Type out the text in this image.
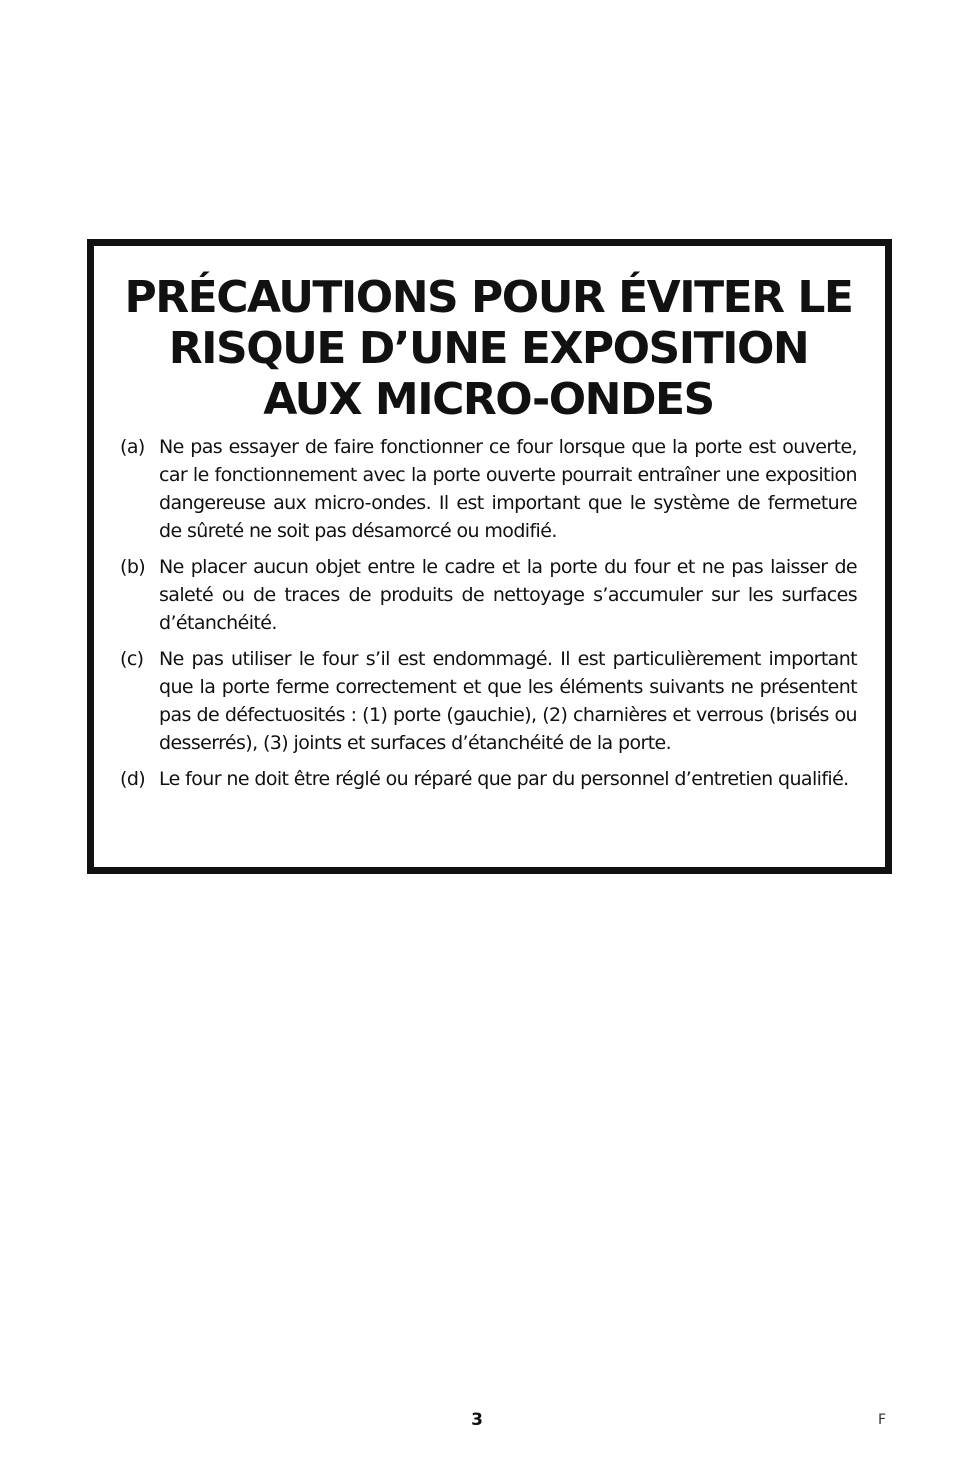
PRÉCAUTIONS POUR ÉVITER LE
RISQUE D’UNE EXPOSITION
AUX MICRO-ONDES
(a) Ne pas essayer de faire fonctionner ce four lorsque que la porte est ouverte, car le fonctionnement avec la porte ouverte pourrait entraîner une exposition dangereuse aux micro-ondes. Il est important que le système de fermeture de sûreté ne soit pas désamorcé ou modifié.

(b) Ne placer aucun objet entre le cadre et la porte du four et ne pas laisser de saleté ou de traces de produits de nettoyage s’accumuler sur les surfaces d’étanchéité.

(c) Ne pas utiliser le four s’il est endommagé. Il est particulièrement important que la porte ferme correctement et que les éléments suivants ne présentent pas de défectuosités : (1) porte (gauchie), (2) charnières et verrous (brisés ou desserrés), (3) joints et surfaces d’étanchéité de la porte.

(d) Le four ne doit être réglé ou réparé que par du personnel d’entretien qualifié.

3	F
